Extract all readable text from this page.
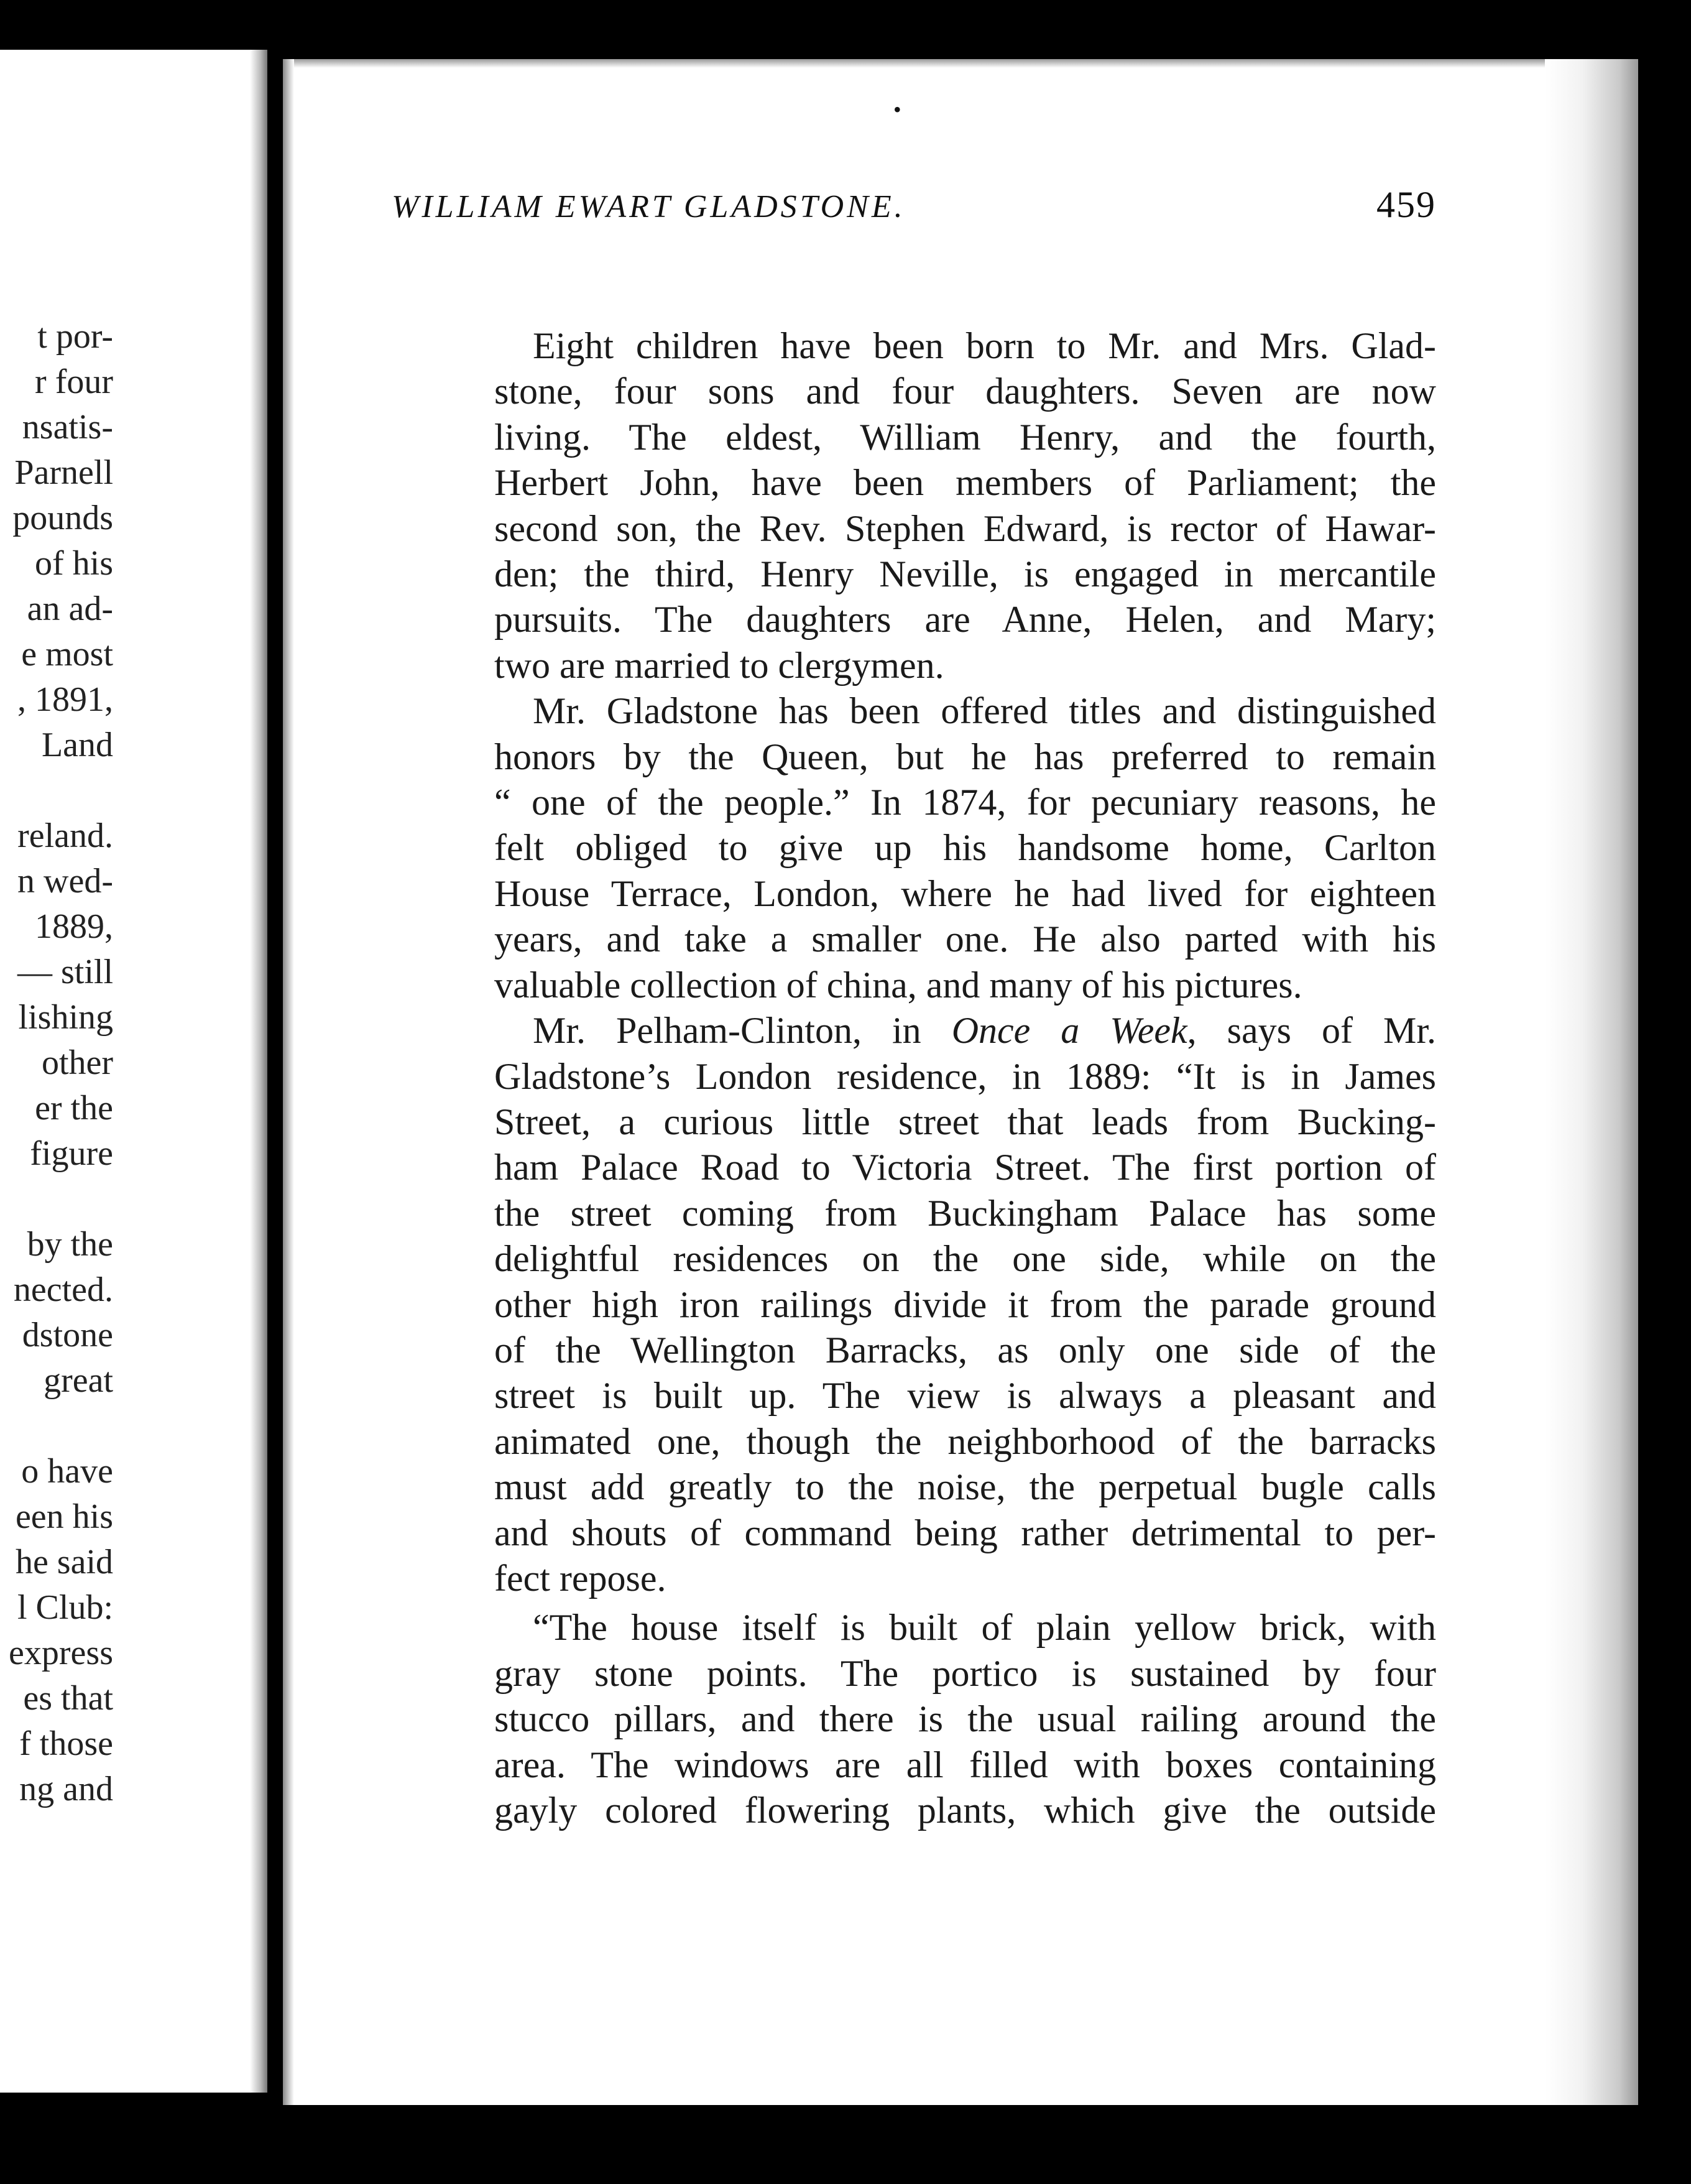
t por-
r four
nsatis-
Parnell
pounds
of his
an ad-
e most
, 1891,
Land
reland.
n wed-
1889,
— still
lishing
other
er the
figure
by the
nected.
dstone
great
o have
een his
he said
l Club:
express
es that
f those
ng and
•
WILLIAM EWART GLADSTONE.	459

Eight children have been born to Mr. and Mrs. Glad-
stone, four sons and four daughters. Seven are now
living. The eldest, William Henry, and the fourth,
Herbert John, have been members of Parliament; the
second son, the Rev. Stephen Edward, is rector of Hawar-
den; the third, Henry Neville, is engaged in mercantile
pursuits. The daughters are Anne, Helen, and Mary;
two are married to clergymen.

Mr. Gladstone has been offered titles and distinguished
honors by the Queen, but he has preferred to remain
“ one of the people.” In 1874, for pecuniary reasons, he
felt obliged to give up his handsome home, Carlton
House Terrace, London, where he had lived for eighteen
years, and take a smaller one. He also parted with his
valuable collection of china, and many of his pictures.

Mr. Pelham-Clinton, in Once a Week, says of Mr.
Gladstone’s London residence, in 1889: “It is in James
Street, a curious little street that leads from Bucking-
ham Palace Road to Victoria Street. The first portion of
the street coming from Buckingham Palace has some
delightful residences on the one side, while on the
other high iron railings divide it from the parade ground
of the Wellington Barracks, as only one side of the
street is built up. The view is always a pleasant and
animated one, though the neighborhood of the barracks
must add greatly to the noise, the perpetual bugle calls
and shouts of command being rather detrimental to per-
fect repose.

“The house itself is built of plain yellow brick, with
gray stone points. The portico is sustained by four
stucco pillars, and there is the usual railing around the
area. The windows are all filled with boxes containing
gayly colored flowering plants, which give the outside
